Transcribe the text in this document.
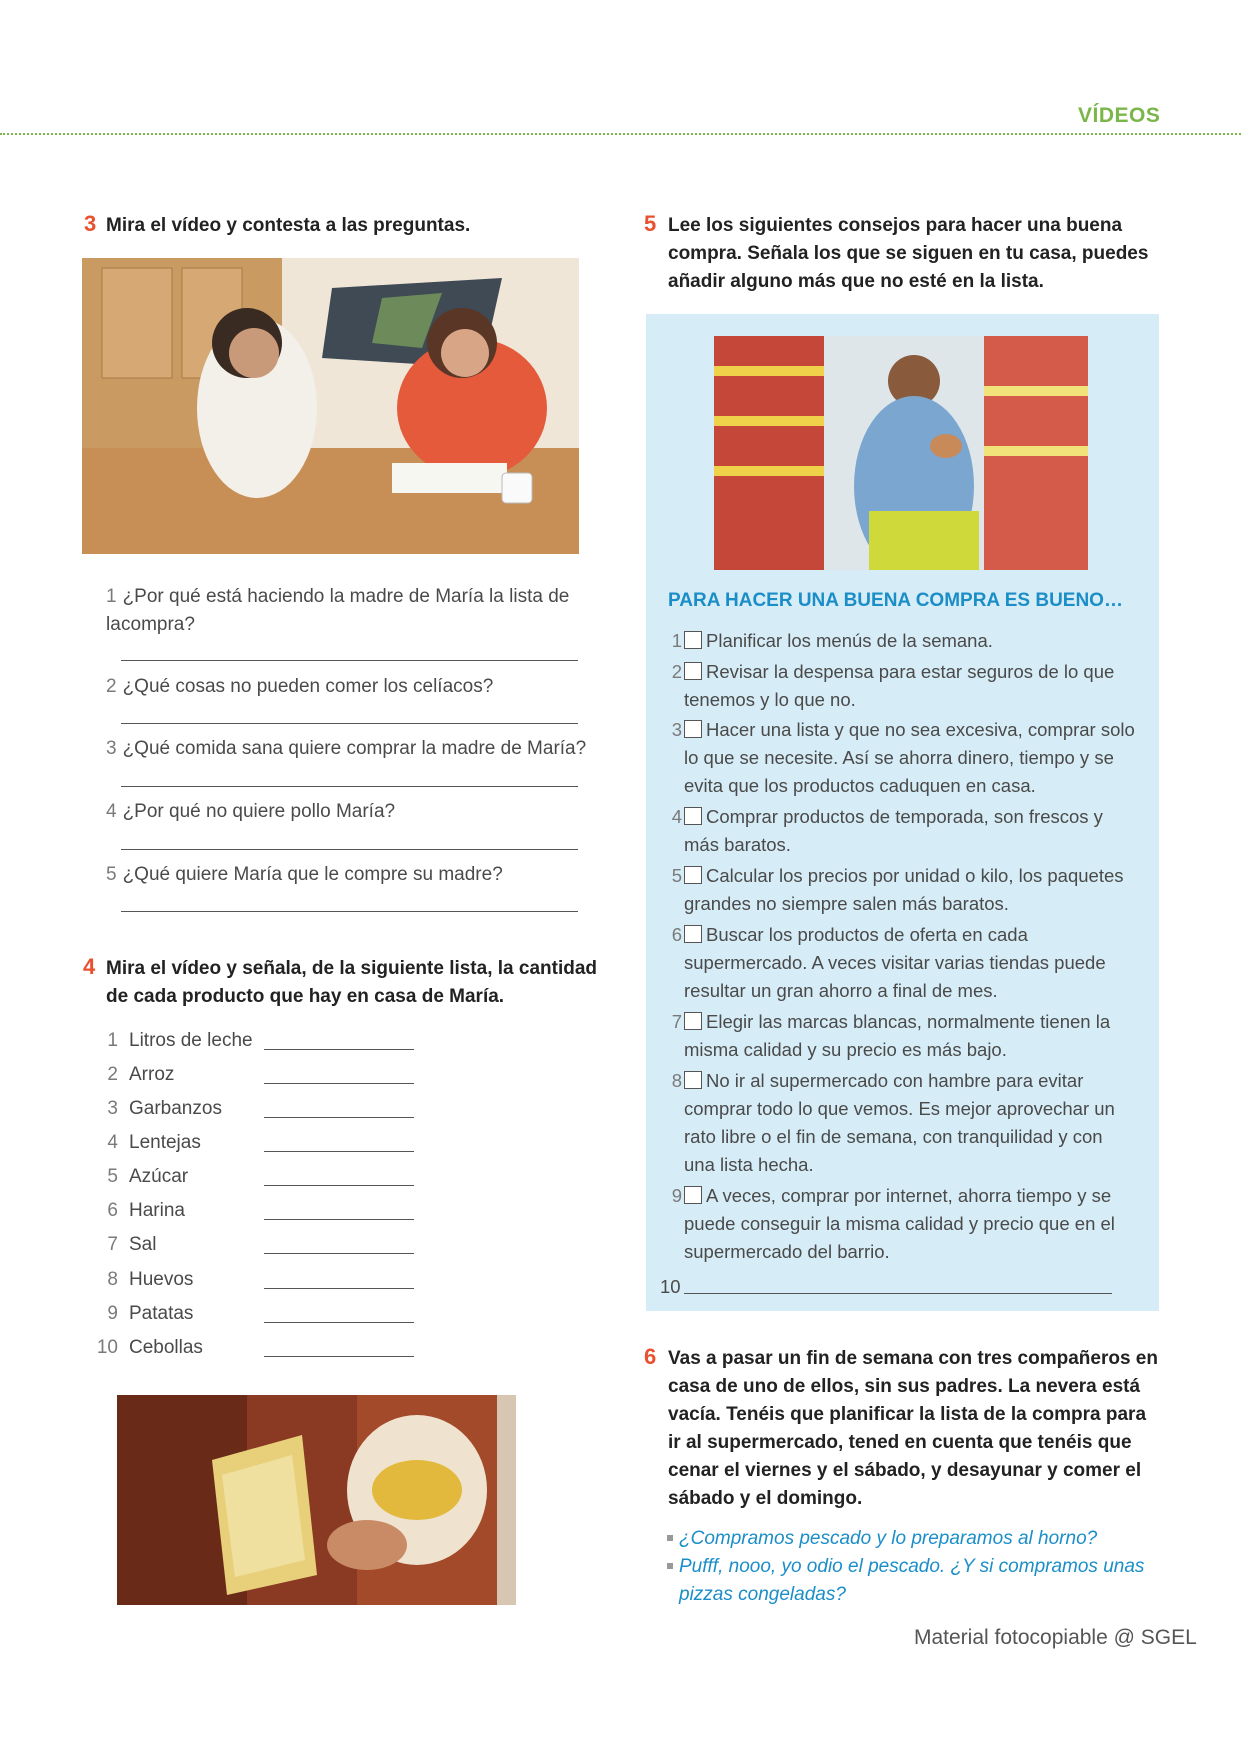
VÍDEOS
3 Mira el vídeo y contesta a las preguntas.
1 ¿Por qué está haciendo la madre de María la lista de la compra?
2 ¿Qué cosas no pueden comer los celíacos?
3 ¿Qué comida sana quiere comprar la madre de María?
4 ¿Por qué no quiere pollo María?
5 ¿Qué quiere María que le compre su madre?
4 Mira el vídeo y señala, de la siguiente lista, la cantidad
de cada producto que hay en casa de María.
1 Litros de leche
2 Arroz
3 Garbanzos
4 Lentejas
5 Azúcar
6 Harina
7 Sal
8 Huevos
9 Patatas
10 Cebollas
5 Lee los siguientes consejos para hacer una buena
compra. Señala los que se siguen en tu casa, puedes
añadir alguno más que no esté en la lista.
PARA HACER UNA BUENA COMPRA ES BUENO…
1 Planificar los menús de la semana.
2 Revisar la despensa para estar seguros de lo que
tenemos y lo que no.
3 Hacer una lista y que no sea excesiva, comprar solo
lo que se necesite. Así se ahorra dinero, tiempo y se
evita que los productos caduquen en casa.
4 Comprar productos de temporada, son frescos y
más baratos.
5 Calcular los precios por unidad o kilo, los paquetes
grandes no siempre salen más baratos.
6 Buscar los productos de oferta en cada
supermercado. A veces visitar varias tiendas puede
resultar un gran ahorro a final de mes.
7 Elegir las marcas blancas, normalmente tienen la
misma calidad y su precio es más bajo.
8 No ir al supermercado con hambre para evitar
comprar todo lo que vemos. Es mejor aprovechar un
rato libre o el fin de semana, con tranquilidad y con
una lista hecha.
9 A veces, comprar por internet, ahorra tiempo y se
puede conseguir la misma calidad y precio que en el
supermercado del barrio.
10
6 Vas a pasar un fin de semana con tres compañeros en
casa de uno de ellos, sin sus padres. La nevera está
vacía. Tenéis que planificar la lista de la compra para
ir al supermercado, tened en cuenta que tenéis que
cenar el viernes y el sábado, y desayunar y comer el
sábado y el domingo.
¿Compramos pescado y lo preparamos al horno?
Pufff, nooo, yo odio el pescado. ¿Y si compramos unas
pizzas congeladas?
Material fotocopiable @ SGEL
